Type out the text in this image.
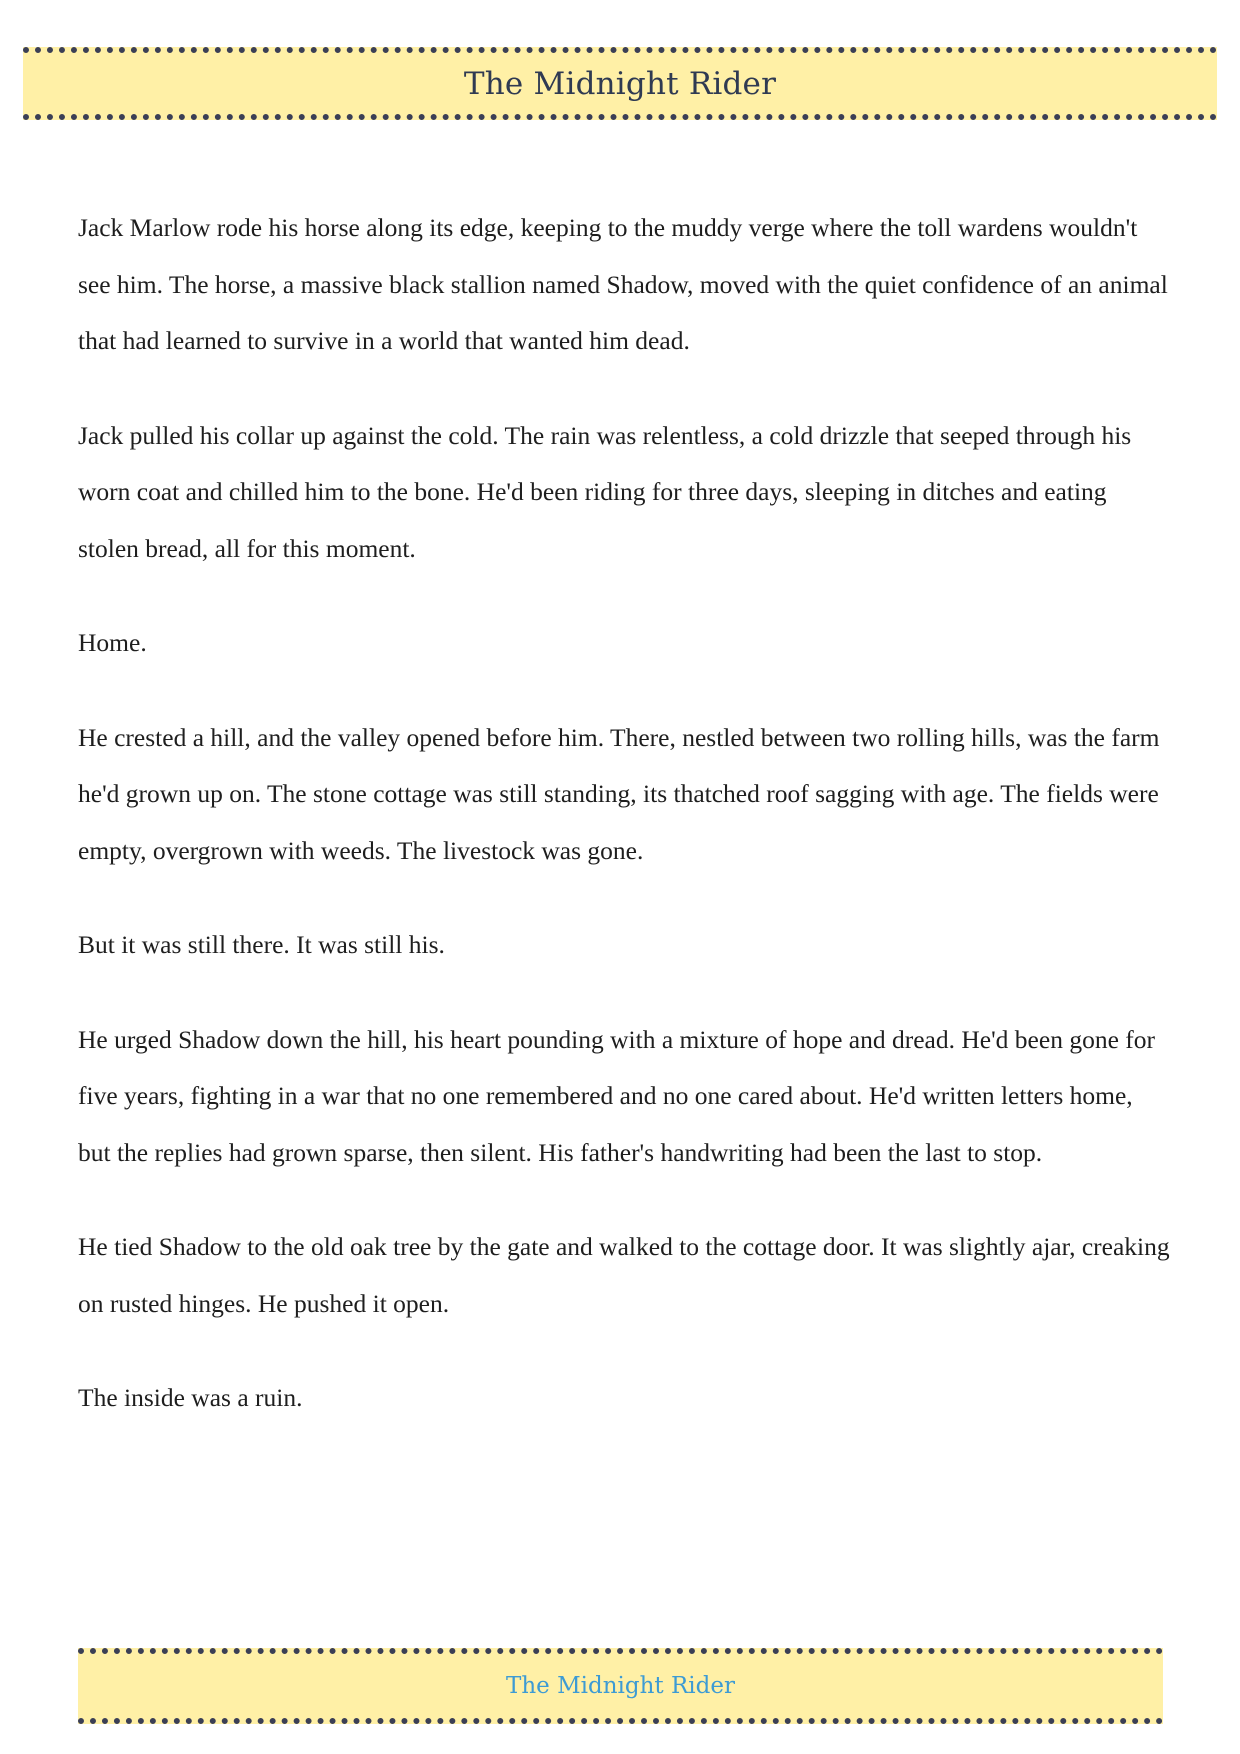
The Midnight Rider

Jack Marlow rode his horse along its edge, keeping to the muddy verge where the toll wardens wouldn't see him. The horse, a massive black stallion named Shadow, moved with the quiet confidence of an animal that had learned to survive in a world that wanted him dead.

Jack pulled his collar up against the cold. The rain was relentless, a cold drizzle that seeped through his worn coat and chilled him to the bone. He'd been riding for three days, sleeping in ditches and eating stolen bread, all for this moment.

Home.

He crested a hill, and the valley opened before him. There, nestled between two rolling hills, was the farm he'd grown up on. The stone cottage was still standing, its thatched roof sagging with age. The fields were empty, overgrown with weeds. The livestock was gone.

But it was still there. It was still his.

He urged Shadow down the hill, his heart pounding with a mixture of hope and dread. He'd been gone for five years, fighting in a war that no one remembered and no one cared about. He'd written letters home, but the replies had grown sparse, then silent. His father's handwriting had been the last to stop.

He tied Shadow to the old oak tree by the gate and walked to the cottage door. It was slightly ajar, creaking on rusted hinges. He pushed it open.

The inside was a ruin.

The Midnight Rider
